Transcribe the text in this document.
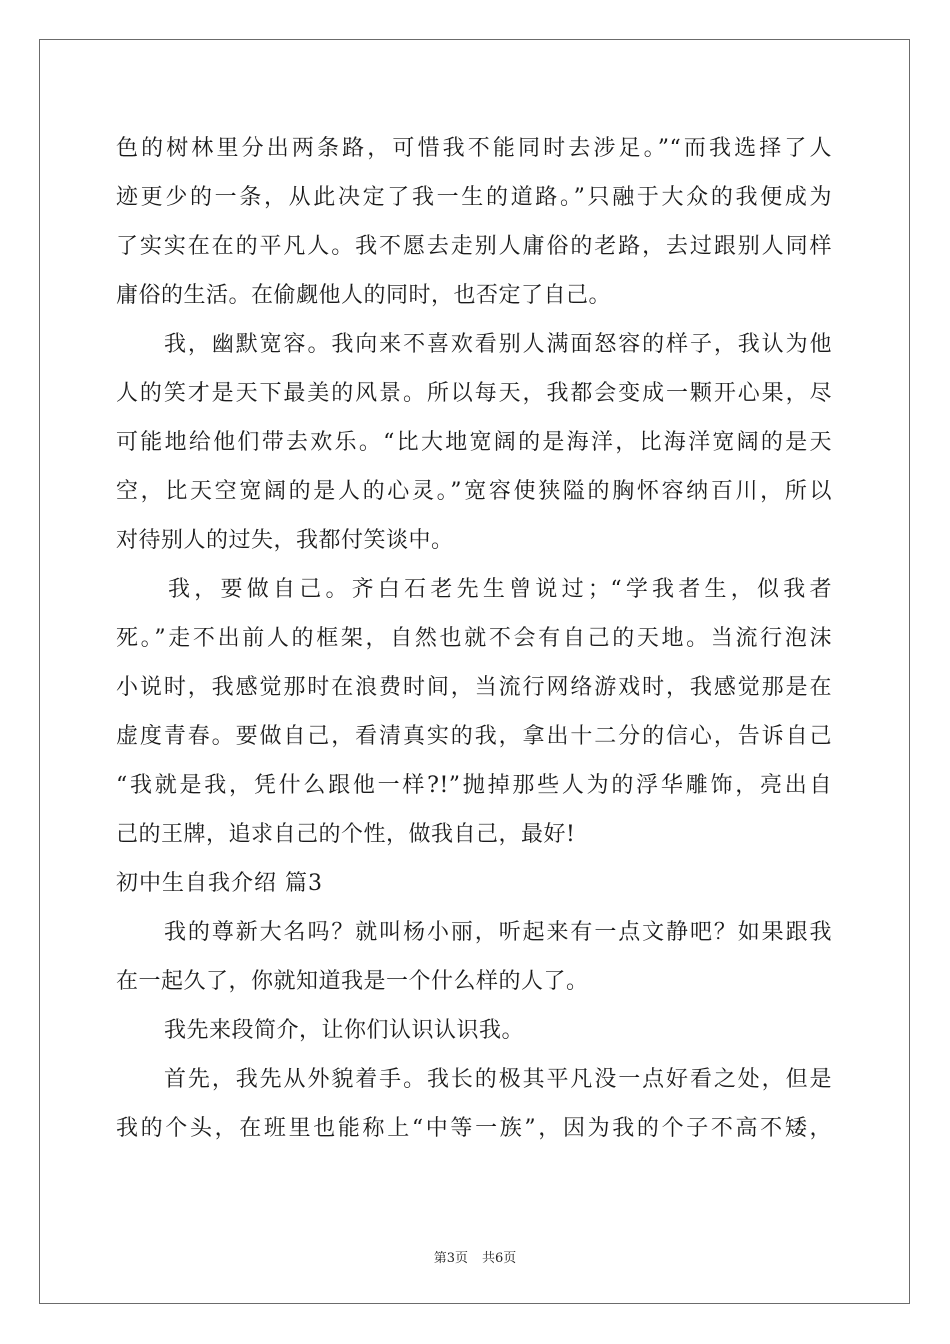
色的树林里分出两条路，可惜我不能同时去涉足。”“而我选择了人
迹更少的一条，从此决定了我一生的道路。”只融于大众的我便成为
了实实在在的平凡人。我不愿去走别人庸俗的老路，去过跟别人同样
庸俗的生活。在偷觑他人的同时，也否定了自己。
我，幽默宽容。我向来不喜欢看别人满面怒容的样子，我认为他
人的笑才是天下最美的风景。所以每天，我都会变成一颗开心果，尽
可能地给他们带去欢乐。“比大地宽阔的是海洋，比海洋宽阔的是天
空，比天空宽阔的是人的心灵。”宽容使狭隘的胸怀容纳百川，所以
对待别人的过失，我都付笑谈中。
我，要做自己。齐白石老先生曾说过；“学我者生，似我者
死。”走不出前人的框架，自然也就不会有自己的天地。当流行泡沫
小说时，我感觉那时在浪费时间，当流行网络游戏时，我感觉那是在
虚度青春。要做自己，看清真实的我，拿出十二分的信心，告诉自己
“我就是我，凭什么跟他一样?!”抛掉那些人为的浮华雕饰，亮出自
己的王牌，追求自己的个性，做我自己，最好!
初中生自我介绍 篇3
我的尊新大名吗？就叫杨小丽，听起来有一点文静吧？如果跟我
在一起久了，你就知道我是一个什么样的人了。
我先来段简介，让你们认识认识我。
首先，我先从外貌着手。我长的极其平凡没一点好看之处，但是
我的个头，在班里也能称上“中等一族”，因为我的个子不高不矮，
第3页 共6页
